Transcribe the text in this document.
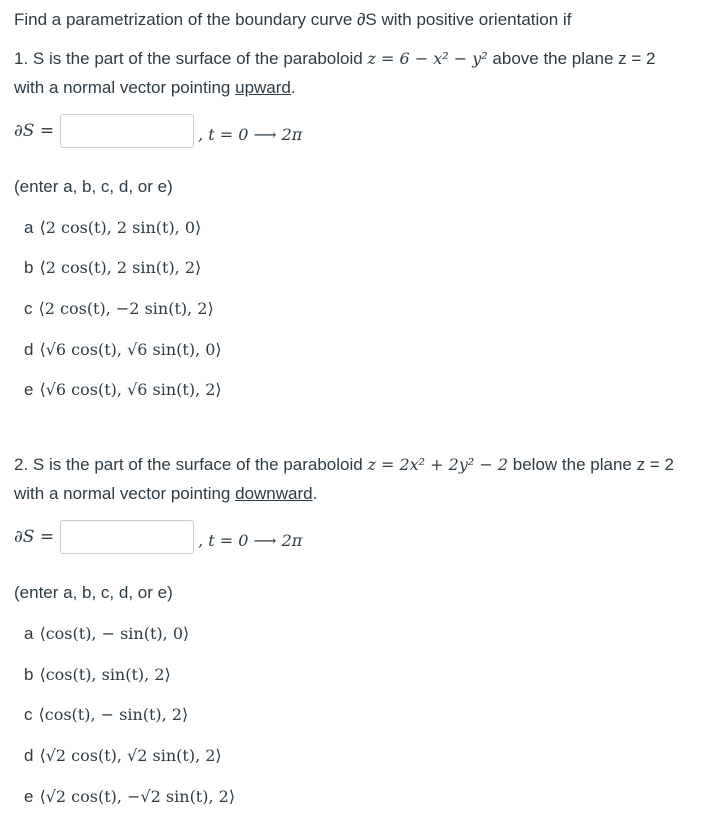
Find a parametrization of the boundary curve ∂S with positive orientation if
1. S is the part of the surface of the paraboloid z = 6 − x² − y² above the plane z = 2
with a normal vector pointing upward.
∂S =	, t = 0 ⟶ 2π
(enter a, b, c, d, or e)
a ⟨2 cos(t), 2 sin(t), 0⟩
b ⟨2 cos(t), 2 sin(t), 2⟩
c ⟨2 cos(t), −2 sin(t), 2⟩
d ⟨√6 cos(t), √6 sin(t), 0⟩
e ⟨√6 cos(t), √6 sin(t), 2⟩
2. S is the part of the surface of the paraboloid z = 2x² + 2y² − 2 below the plane z = 2
with a normal vector pointing downward.
∂S =	, t = 0 ⟶ 2π
(enter a, b, c, d, or e)
a ⟨cos(t), − sin(t), 0⟩
b ⟨cos(t), sin(t), 2⟩
c ⟨cos(t), − sin(t), 2⟩
d ⟨√2 cos(t), √2 sin(t), 2⟩
e ⟨√2 cos(t), −√2 sin(t), 2⟩
